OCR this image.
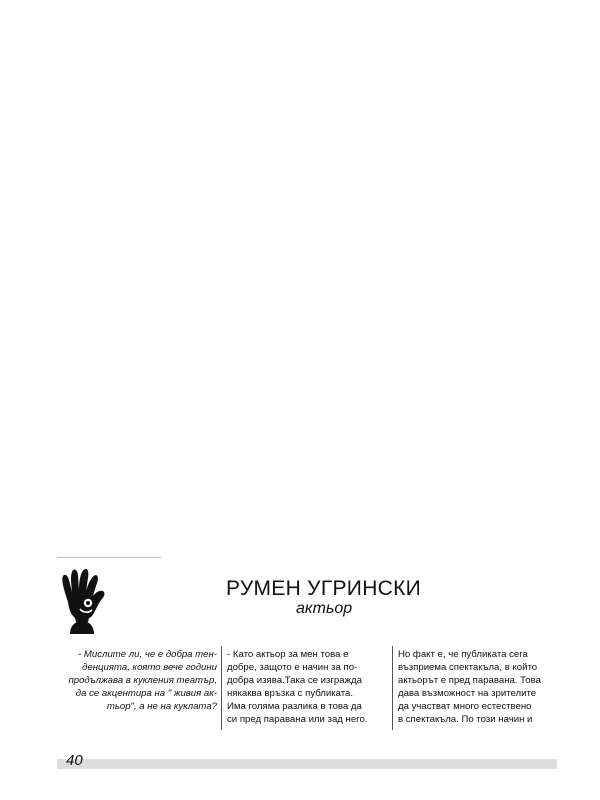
РУМЕН УГРИНСКИ
актьор
- Мислите ли, че е добра тен-
денцията, която вече години
продължава в кукления театър,
да се акцентира на " живия ак-
тьор", а не на куклата?
- Като актьор за мен това е
добре, защото е начин за по-
добра изява.Така се изгражда
някаква връзка с публиката.
Има голяма разлика в това да
си пред паравана или зад него.
Но факт е, че публиката сега
възприема спектакъла, в който
актьорът е пред паравана. Това
дава възможност на зрителите
да участват много естествено
в спектакъла. По този начин и
40
